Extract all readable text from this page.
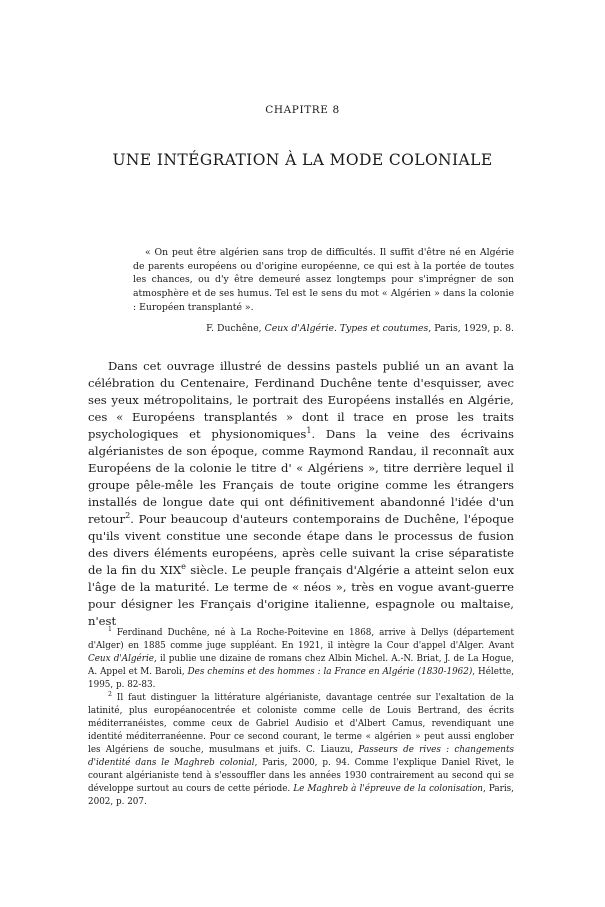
CHAPITRE 8
UNE INTÉGRATION À LA MODE COLONIALE

« On peut être algérien sans trop de difficultés. Il suffit d'être né en Algérie de parents européens ou d'origine européenne, ce qui est à la portée de toutes les chances, ou d'y être demeuré assez longtemps pour s'imprégner de son atmosphère et de ses humus. Tel est le sens du mot « Algérien » dans la colonie : Européen transplanté ».

F. Duchêne, Ceux d'Algérie. Types et coutumes, Paris, 1929, p. 8.

Dans cet ouvrage illustré de dessins pastels publié un an avant la célébration du Centenaire, Ferdinand Duchêne tente d'esquisser, avec ses yeux métropolitains, le portrait des Européens installés en Algérie, ces « Européens transplantés » dont il trace en prose les traits psychologiques et physionomiques$^1$. Dans la veine des écrivains algérianistes de son époque, comme Raymond Randau, il reconnaît aux Européens de la colonie le titre d' « Algériens », titre derrière lequel il groupe pêle-mêle les Français de toute origine comme les étrangers installés de longue date qui ont définitivement abandonné l'idée d'un retour$^2$. Pour beaucoup d'auteurs contemporains de Duchêne, l'époque qu'ils vivent constitue une seconde étape dans le processus de fusion des divers éléments européens, après celle suivant la crise séparatiste de la fin du XIXe siècle. Le peuple français d'Algérie a atteint selon eux l'âge de la maturité. Le terme de « néos », très en vogue avant-guerre pour désigner les Français d'origine italienne, espagnole ou maltaise, n'est

$^1$ Ferdinand Duchêne, né à La Roche-Poitevine en 1868, arrive à Dellys (département d'Alger) en 1885 comme juge suppléant. En 1921, il intègre la Cour d'appel d'Alger. Avant Ceux d'Algérie, il publie une dizaine de romans chez Albin Michel. A.-N. Briat, J. de La Hogue, A. Appel et M. Baroli, Des chemins et des hommes : la France en Algérie (1830-1962), Hélette, 1995, p. 82-83.

$^2$ Il faut distinguer la littérature algérianiste, davantage centrée sur l'exaltation de la latinité, plus européanocentrée et coloniste comme celle de Louis Bertrand, des écrits méditerranéistes, comme ceux de Gabriel Audisio et d'Albert Camus, revendiquant une identité méditerranéenne. Pour ce second courant, le terme « algérien » peut aussi englober les Algériens de souche, musulmans et juifs. C. Liauzu, Passeurs de rives : changements d'identité dans le Maghreb colonial, Paris, 2000, p. 94. Comme l'explique Daniel Rivet, le courant algérianiste tend à s'essouffler dans les années 1930 contrairement au second qui se développe surtout au cours de cette période. Le Maghreb à l'épreuve de la colonisation, Paris, 2002, p. 207.
